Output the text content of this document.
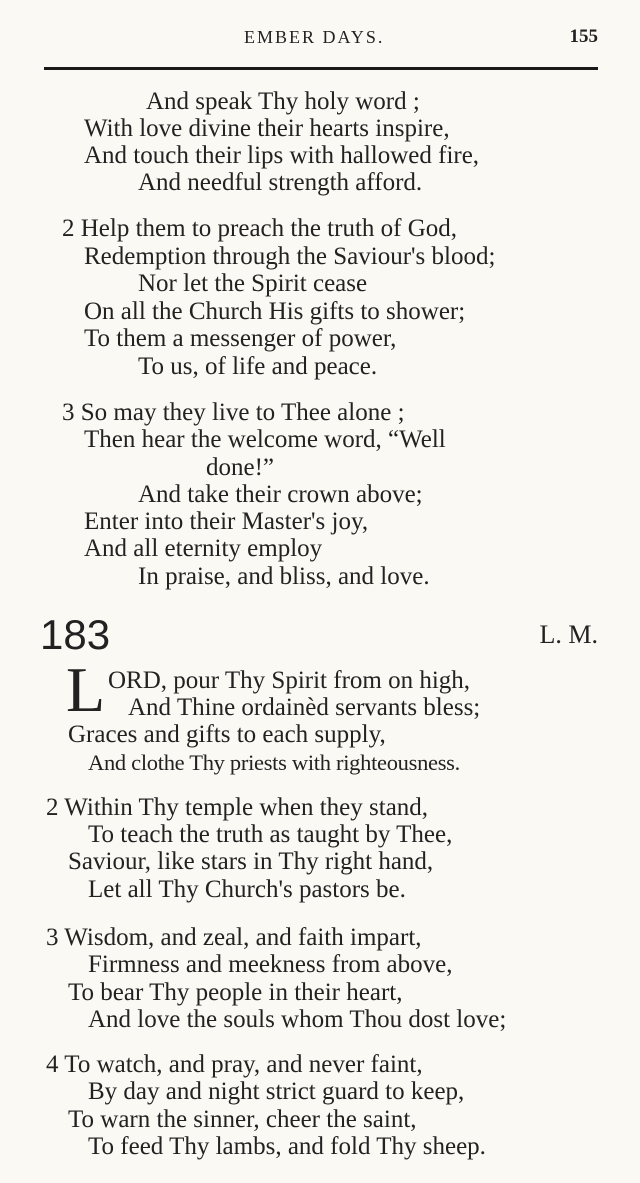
EMBER DAYS.	155
And speak Thy holy word ;
With love divine their hearts inspire,
And touch their lips with hallowed fire,
And needful strength afford.
2 Help them to preach the truth of God,
Redemption through the Saviour's blood;
Nor let the Spirit cease
On all the Church His gifts to shower;
To them a messenger of power,
To us, of life and peace.
3 So may they live to Thee alone ;
Then hear the welcome word, “Well
done!”
And take their crown above;
Enter into their Master's joy,
And all eternity employ
In praise, and bliss, and love.
183	L. M.
L ORD, pour Thy Spirit from on high,
And Thine ordainèd servants bless;
Graces and gifts to each supply,
And clothe Thy priests with righteousness.
2 Within Thy temple when they stand,
To teach the truth as taught by Thee,
Saviour, like stars in Thy right hand,
Let all Thy Church's pastors be.
3 Wisdom, and zeal, and faith impart,
Firmness and meekness from above,
To bear Thy people in their heart,
And love the souls whom Thou dost love;
4 To watch, and pray, and never faint,
By day and night strict guard to keep,
To warn the sinner, cheer the saint,
To feed Thy lambs, and fold Thy sheep.
